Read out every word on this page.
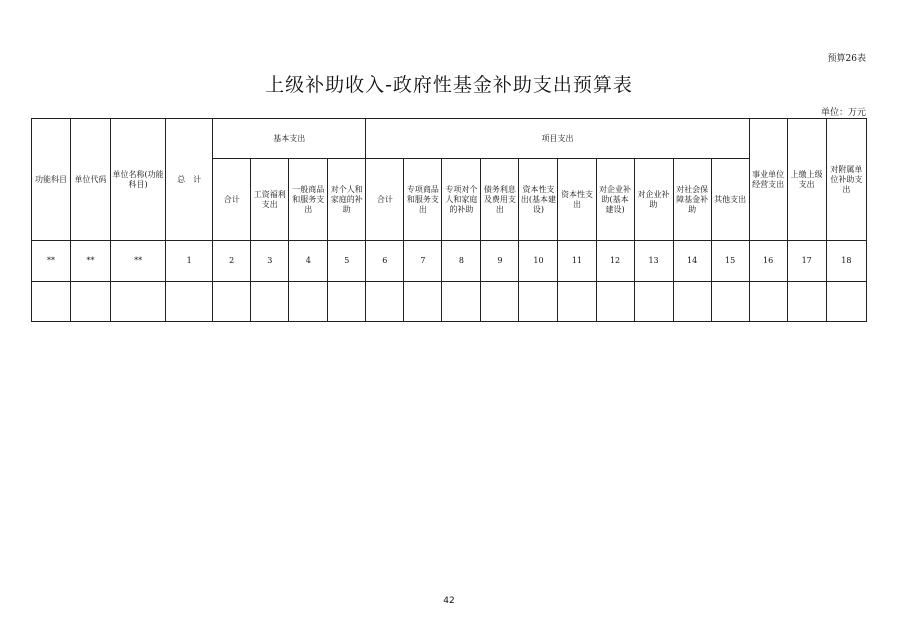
预算26表
上级补助收入-政府性基金补助支出预算表
单位：万元
功能科目	单位代码	单位名称(功能科目)	总　计	基本支出				项目支出										事业单位经营支出	上缴上级支出	对附属单位补助支出
				合计	工资福利支出	一般商品和服务支出	对个人和家庭的补助	合计	专项商品和服务支出	专项对个人和家庭的补助	债务利息及费用支出	资本性支出(基本建设)	资本性支出	对企业补助(基本建设)	对企业补助	对社会保障基金补助	其他支出			
**	**	**	1	2	3	4	5	6	7	8	9	10	11	12	13	14	15	16	17	18

42
